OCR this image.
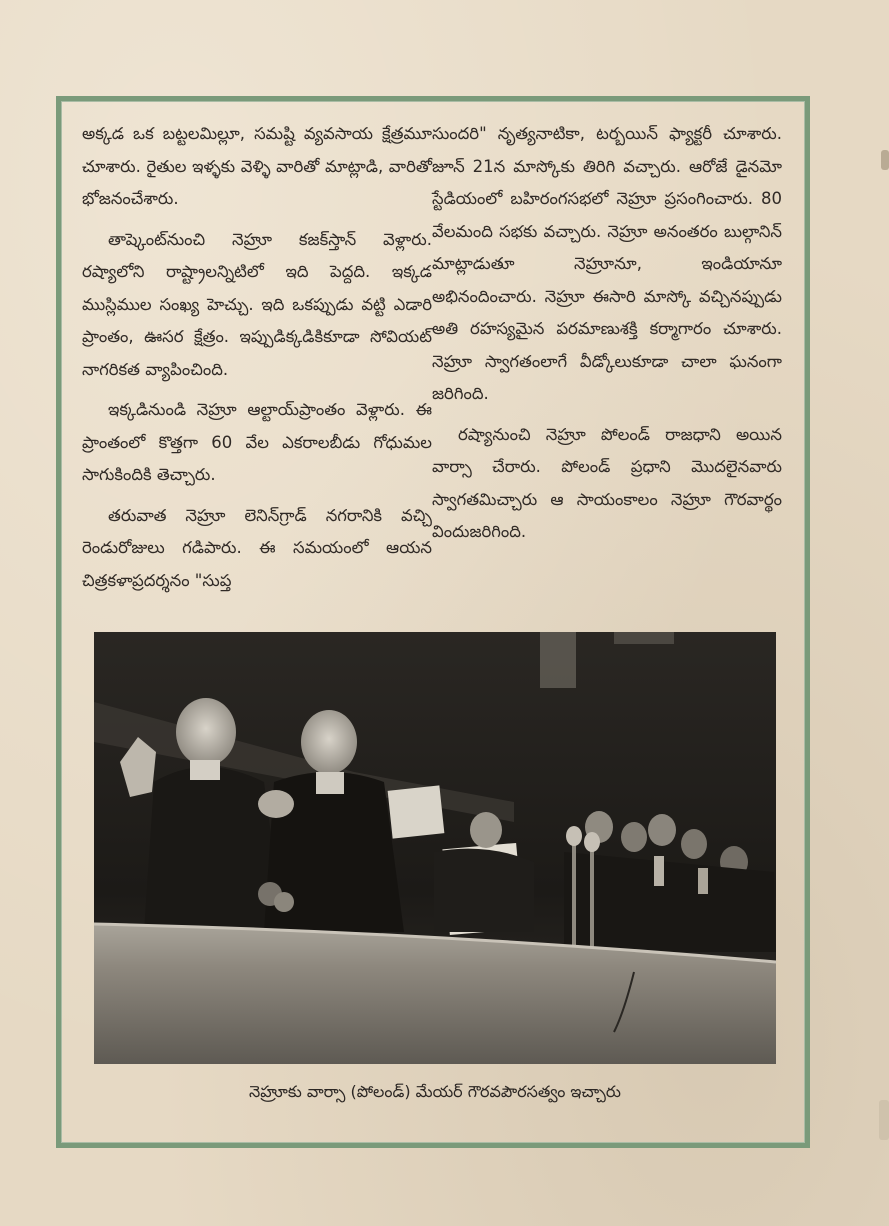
అక్కడ ఒక బట్టలమిల్లూ, సమష్టి వ్యవసాయ క్షేత్రమూ చూశారు. రైతుల ఇళ్ళకు వెళ్ళి వారితో మాట్లాడి, వారితో భోజనంచేశారు.

తాష్కెంట్‌నుంచి నెహ్రూ కజక్‌స్తాన్ వెళ్లారు. రష్యాలోని రాష్ట్రాలన్నిటిలో ఇది పెద్దది. ఇక్కడ ముస్లిముల సంఖ్య హెచ్చు. ఇది ఒకప్పుడు వట్టి ఎడారి ప్రాంతం, ఊసర క్షేత్రం. ఇప్పుడిక్కడికికూడా సోవియట్ నాగరికత వ్యాపించింది.

ఇక్కడినుండి నెహ్రూ ఆల్టాయ్‌ప్రాంతం వెళ్లారు. ఈ ప్రాంతంలో కొత్తగా 60 వేల ఎకరాలబీడు గోధుమల సాగుకిందికి తెచ్చారు.

తరువాత నెహ్రూ లెనిన్‌గ్రాడ్ నగరానికి వచ్చి రెండురోజులు గడిపారు. ఈ సమయంలో ఆయన చిత్రకళాప్రదర్శనం "సుప్త

సుందరి" నృత్యనాటికా, టర్బయిన్ ఫ్యాక్టరీ చూశారు. జూన్ 21న మాస్కోకు తిరిగి వచ్చారు. ఆరోజే డైనమో స్టేడియంలో బహిరంగసభలో నెహ్రూ ప్రసంగించారు. 80 వేలమంది సభకు వచ్చారు. నెహ్రూ అనంతరం బుల్గానిన్ మాట్లాడుతూ నెహ్రూనూ, ఇండియానూ అభినందించారు. నెహ్రూ ఈసారి మాస్కో వచ్చినప్పుడు అతి రహస్యమైన పరమాణుశక్తి కర్మాగారం చూశారు. నెహ్రూ స్వాగతంలాగే వీడ్కోలుకూడా చాలా ఘనంగా జరిగింది.

రష్యానుంచి నెహ్రూ పోలండ్ రాజధాని అయిన వార్సా చేరారు. పోలండ్ ప్రధాని మొదలైనవారు స్వాగతమిచ్చారు ఆ సాయంకాలం నెహ్రూ గౌరవార్థం విందుజరిగింది.

నెహ్రూకు వార్సా (పోలండ్) మేయర్ గౌరవపౌరసత్వం ఇచ్చారు
